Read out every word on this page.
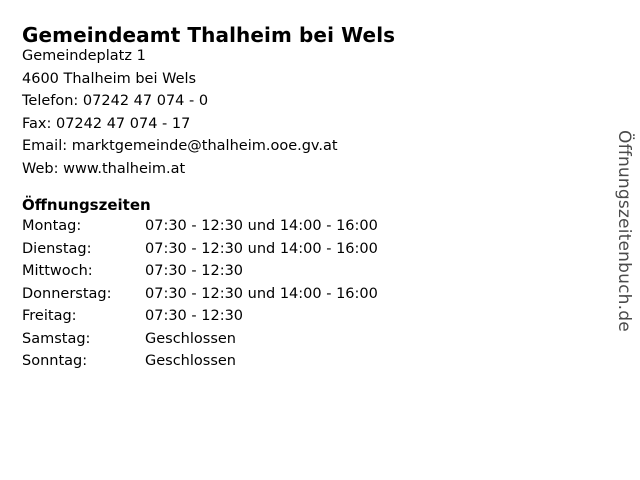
Gemeindeamt Thalheim bei Wels
Gemeindeplatz 1
4600 Thalheim bei Wels
Telefon: 07242 47 074 - 0
Fax: 07242 47 074 - 17
Email: marktgemeinde@thalheim.ooe.gv.at
Web: www.thalheim.at
Öffnungszeiten
Montag:	07:30 - 12:30 und 14:00 - 16:00
Dienstag:	07:30 - 12:30 und 14:00 - 16:00
Mittwoch:	07:30 - 12:30
Donnerstag:	07:30 - 12:30 und 14:00 - 16:00
Freitag:	07:30 - 12:30
Samstag:	Geschlossen
Sonntag:	Geschlossen
Öffnungszeitenbuch.de
